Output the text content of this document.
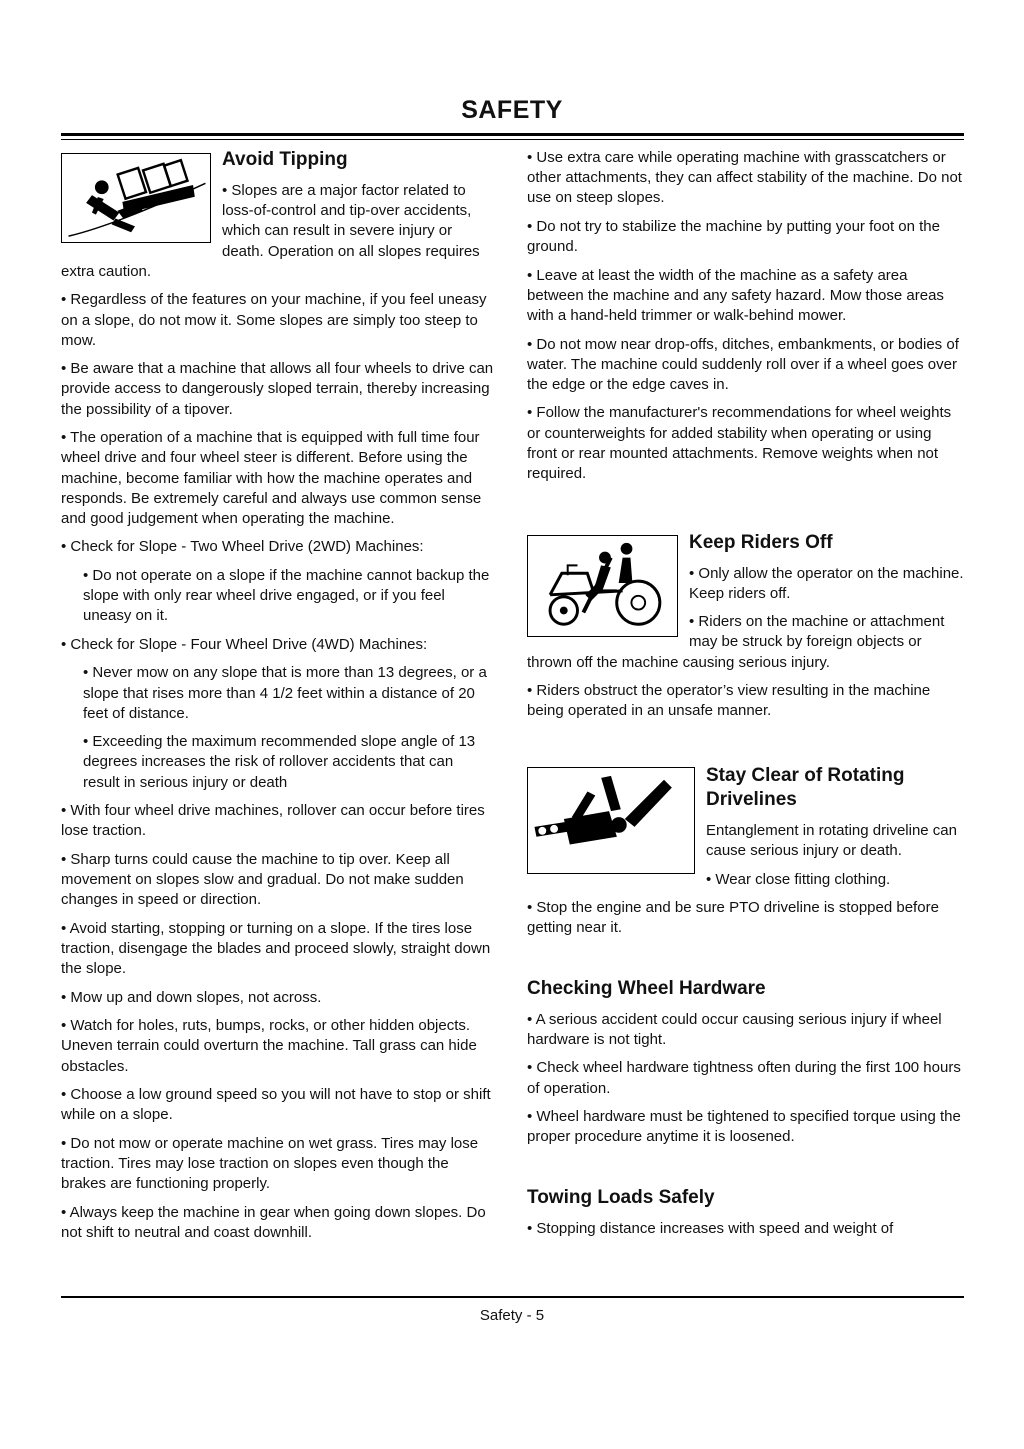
SAFETY
Avoid Tipping

• Slopes are a major factor related to loss-of-control and tip-over accidents, which can result in severe injury or death. Operation on all slopes requires extra caution.

• Regardless of the features on your machine, if you feel uneasy on a slope, do not mow it. Some slopes are simply too steep to mow.

• Be aware that a machine that allows all four wheels to drive can provide access to dangerously sloped terrain, thereby increasing the possibility of a tipover.

• The operation of a machine that is equipped with full time four wheel drive and four wheel steer is different. Before using the machine, become familiar with how the machine operates and responds. Be extremely careful and always use common sense and good judgement when operating the machine.

• Check for Slope - Two Wheel Drive (2WD) Machines:

• Do not operate on a slope if the machine cannot backup the slope with only rear wheel drive engaged, or if you feel uneasy on it.

• Check for Slope - Four Wheel Drive (4WD) Machines:

• Never mow on any slope that is more than 13 degrees, or a slope that rises more than 4 1/2 feet within a distance of 20 feet of distance.

• Exceeding the maximum recommended slope angle of 13 degrees increases the risk of rollover accidents that can result in serious injury or death

• With four wheel drive machines, rollover can occur before tires lose traction.

• Sharp turns could cause the machine to tip over. Keep all movement on slopes slow and gradual. Do not make sudden changes in speed or direction.

• Avoid starting, stopping or turning on a slope. If the tires lose traction, disengage the blades and proceed slowly, straight down the slope.

• Mow up and down slopes, not across.

• Watch for holes, ruts, bumps, rocks, or other hidden objects. Uneven terrain could overturn the machine. Tall grass can hide obstacles.

• Choose a low ground speed so you will not have to stop or shift while on a slope.

• Do not mow or operate machine on wet grass. Tires may lose traction. Tires may lose traction on slopes even though the brakes are functioning properly.

• Always keep the machine in gear when going down slopes. Do not shift to neutral and coast downhill.

• Use extra care while operating machine with grasscatchers or other attachments, they can affect stability of the machine. Do not use on steep slopes.

• Do not try to stabilize the machine by putting your foot on the ground.

• Leave at least the width of the machine as a safety area between the machine and any safety hazard. Mow those areas with a hand-held trimmer or walk-behind mower.

• Do not mow near drop-offs, ditches, embankments, or bodies of water. The machine could suddenly roll over if a wheel goes over the edge or the edge caves in.

• Follow the manufacturer's recommendations for wheel weights or counterweights for added stability when operating or using front or rear mounted attachments. Remove weights when not required.

Keep Riders Off

• Only allow the operator on the machine. Keep riders off.

• Riders on the machine or attachment may be struck by foreign objects or thrown off the machine causing serious injury.

• Riders obstruct the operator’s view resulting in the machine being operated in an unsafe manner.

Stay Clear of Rotating Drivelines

Entanglement in rotating driveline can cause serious injury or death.

• Wear close fitting clothing.

• Stop the engine and be sure PTO driveline is stopped before getting near it.

Checking Wheel Hardware

• A serious accident could occur causing serious injury if wheel hardware is not tight.

• Check wheel hardware tightness often during the first 100 hours of operation.

• Wheel hardware must be tightened to specified torque using the proper procedure anytime it is loosened.

Towing Loads Safely

• Stopping distance increases with speed and weight of

Safety - 5
